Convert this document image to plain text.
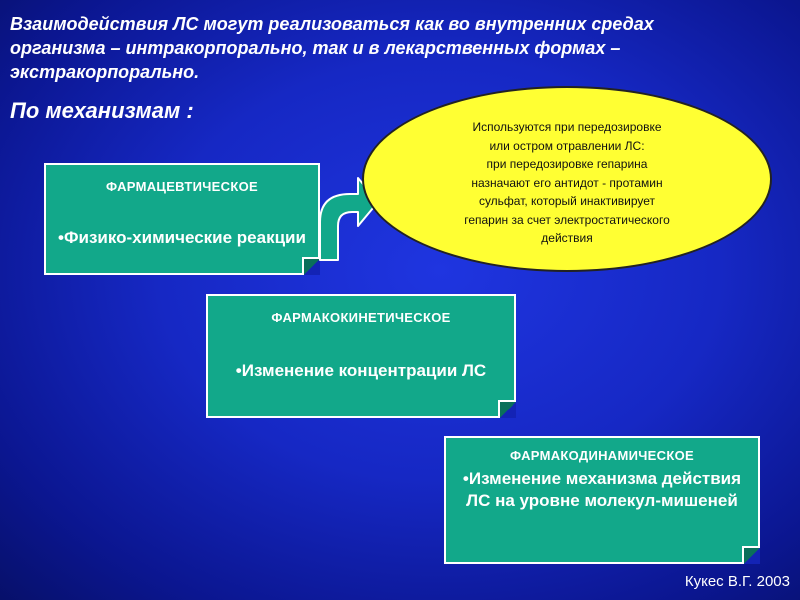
Взаимодействия ЛС могут реализоваться как во внутренних средах
организма – интракорпорально, так и в лекарственных формах –
экстракорпорально.
По механизмам :
ФАРМАЦЕВТИЧЕСКОЕ
•Физико-химические реакции
Используются при передозировке
или остром отравлении ЛС:
при передозировке гепарина
назначают его антидот - протамин
сульфат, который инактивирует
гепарин за счет электростатического
действия
ФАРМАКОКИНЕТИЧЕСКОЕ
•Изменение концентрации ЛС
ФАРМАКОДИНАМИЧЕСКОЕ
•Изменение механизма действия ЛС на уровне молекул-мишеней
Кукес В.Г. 2003
